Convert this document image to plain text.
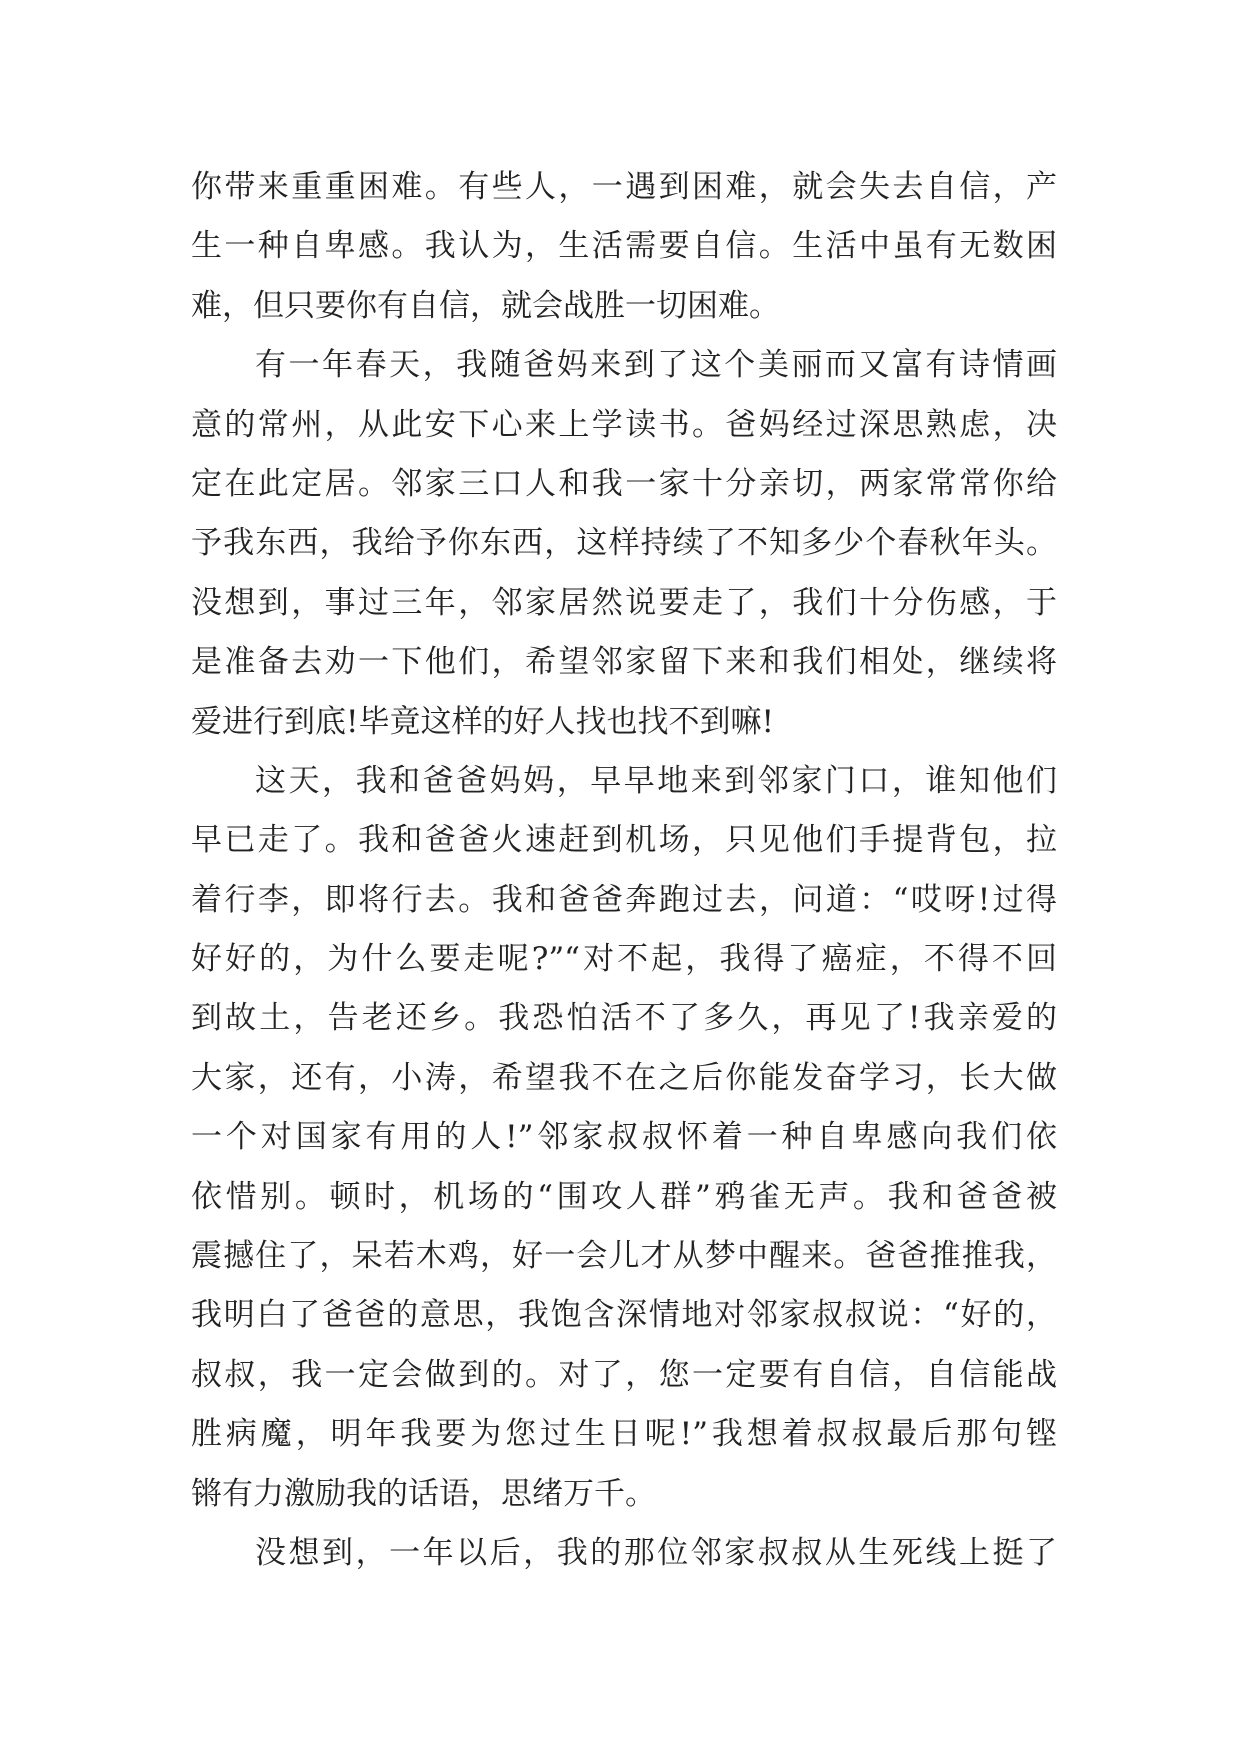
你带来重重困难。有些人，一遇到困难，就会失去自信，产
生一种自卑感。我认为，生活需要自信。生活中虽有无数困
难，但只要你有自信，就会战胜一切困难。
有一年春天，我随爸妈来到了这个美丽而又富有诗情画
意的常州，从此安下心来上学读书。爸妈经过深思熟虑，决
定在此定居。邻家三口人和我一家十分亲切，两家常常你给
予我东西，我给予你东西，这样持续了不知多少个春秋年头。
没想到，事过三年，邻家居然说要走了，我们十分伤感，于
是准备去劝一下他们，希望邻家留下来和我们相处，继续将
爱进行到底!毕竟这样的好人找也找不到嘛!
这天，我和爸爸妈妈，早早地来到邻家门口，谁知他们
早已走了。我和爸爸火速赶到机场，只见他们手提背包，拉
着行李，即将行去。我和爸爸奔跑过去，问道：“哎呀!过得
好好的，为什么要走呢?”“对不起，我得了癌症，不得不回
到故土，告老还乡。我恐怕活不了多久，再见了!我亲爱的
大家，还有，小涛，希望我不在之后你能发奋学习，长大做
一个对国家有用的人!”邻家叔叔怀着一种自卑感向我们依
依惜别。顿时，机场的“围攻人群”鸦雀无声。我和爸爸被
震撼住了，呆若木鸡，好一会儿才从梦中醒来。爸爸推推我，
我明白了爸爸的意思，我饱含深情地对邻家叔叔说：“好的，
叔叔，我一定会做到的。对了，您一定要有自信，自信能战
胜病魔，明年我要为您过生日呢!”我想着叔叔最后那句铿
锵有力激励我的话语，思绪万千。
没想到，一年以后，我的那位邻家叔叔从生死线上挺了
